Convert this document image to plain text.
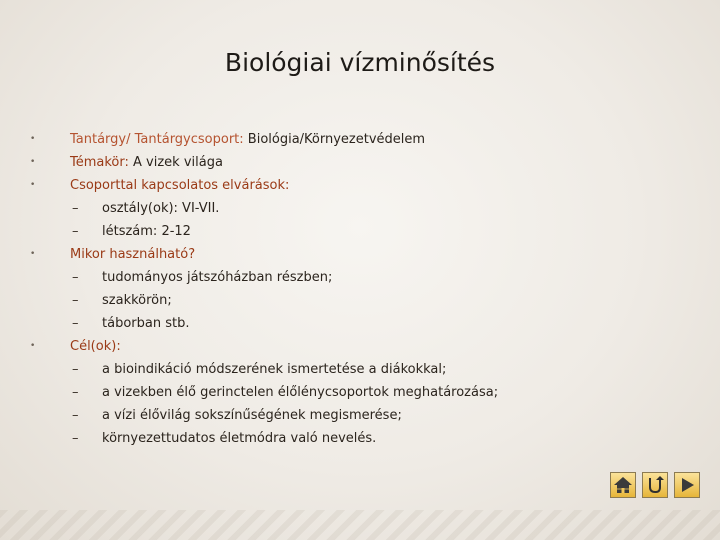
Biológiai vízminősítés
•	Tantárgy/ Tantárgycsoport: Biológia/Környezetvédelem
•	Témakör: A vizek világa
•	Csoporttal kapcsolatos elvárások:
– osztály(ok): VI-VII.
– létszám: 2-12
•	Mikor használható?
– tudományos játszóházban részben;
– szakkörön;
– táborban stb.
•	Cél(ok):
– a bioindikáció módszerének ismertetése a diákokkal;
– a vizekben élő gerinctelen élőlénycsoportok meghatározása;
– a vízi élővilág sokszínűségének megismerése;
– környezettudatos életmódra való nevelés.
